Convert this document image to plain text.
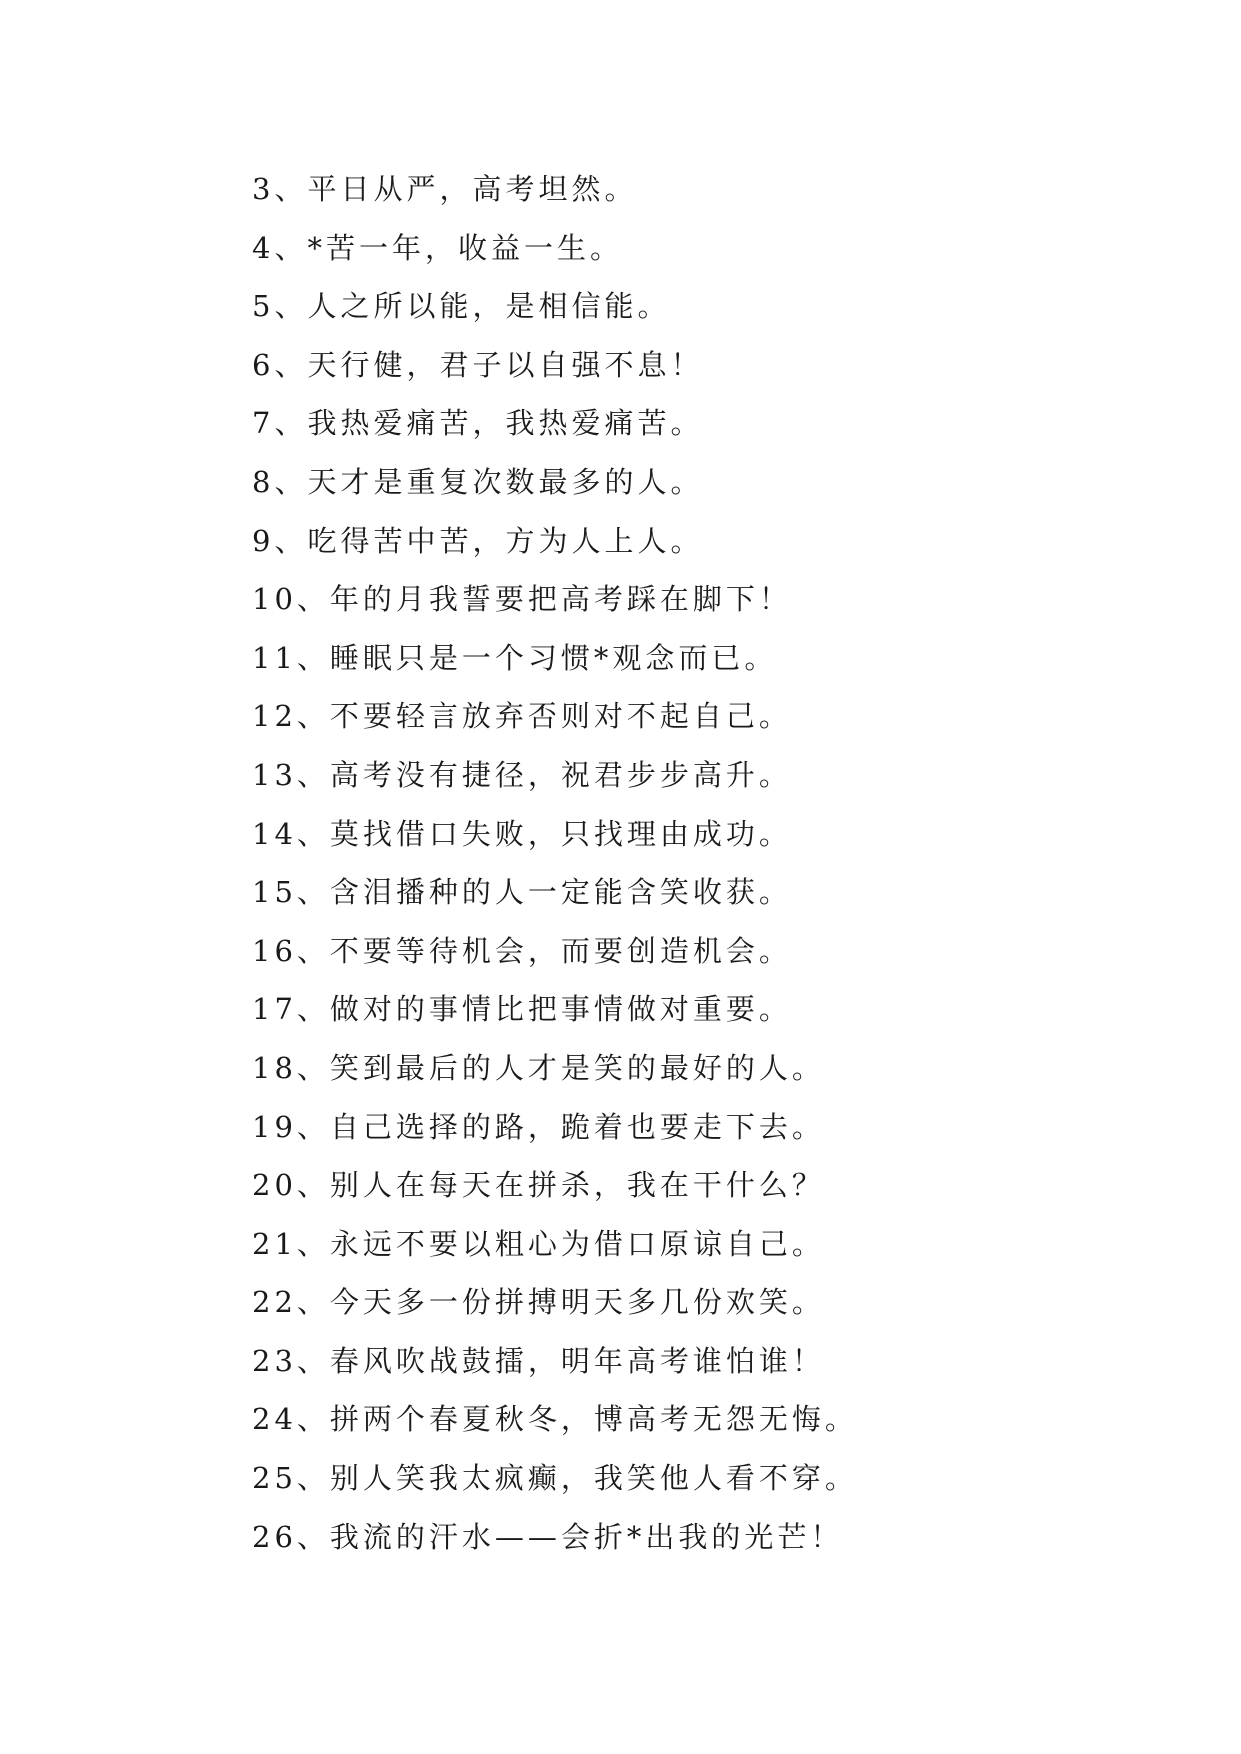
3、平日从严，高考坦然。
4、*苦一年，收益一生。
5、人之所以能，是相信能。
6、天行健，君子以自强不息！
7、我热爱痛苦，我热爱痛苦。
8、天才是重复次数最多的人。
9、吃得苦中苦，方为人上人。
10、年的月我誓要把高考踩在脚下！
11、睡眠只是一个习惯*观念而已。
12、不要轻言放弃否则对不起自己。
13、高考没有捷径，祝君步步高升。
14、莫找借口失败，只找理由成功。
15、含泪播种的人一定能含笑收获。
16、不要等待机会，而要创造机会。
17、做对的事情比把事情做对重要。
18、笑到最后的人才是笑的最好的人。
19、自己选择的路，跪着也要走下去。
20、别人在每天在拼杀，我在干什么？
21、永远不要以粗心为借口原谅自己。
22、今天多一份拼搏明天多几份欢笑。
23、春风吹战鼓擂，明年高考谁怕谁！
24、拼两个春夏秋冬，博高考无怨无悔。
25、别人笑我太疯癫，我笑他人看不穿。
26、我流的汗水——会折*出我的光芒！
